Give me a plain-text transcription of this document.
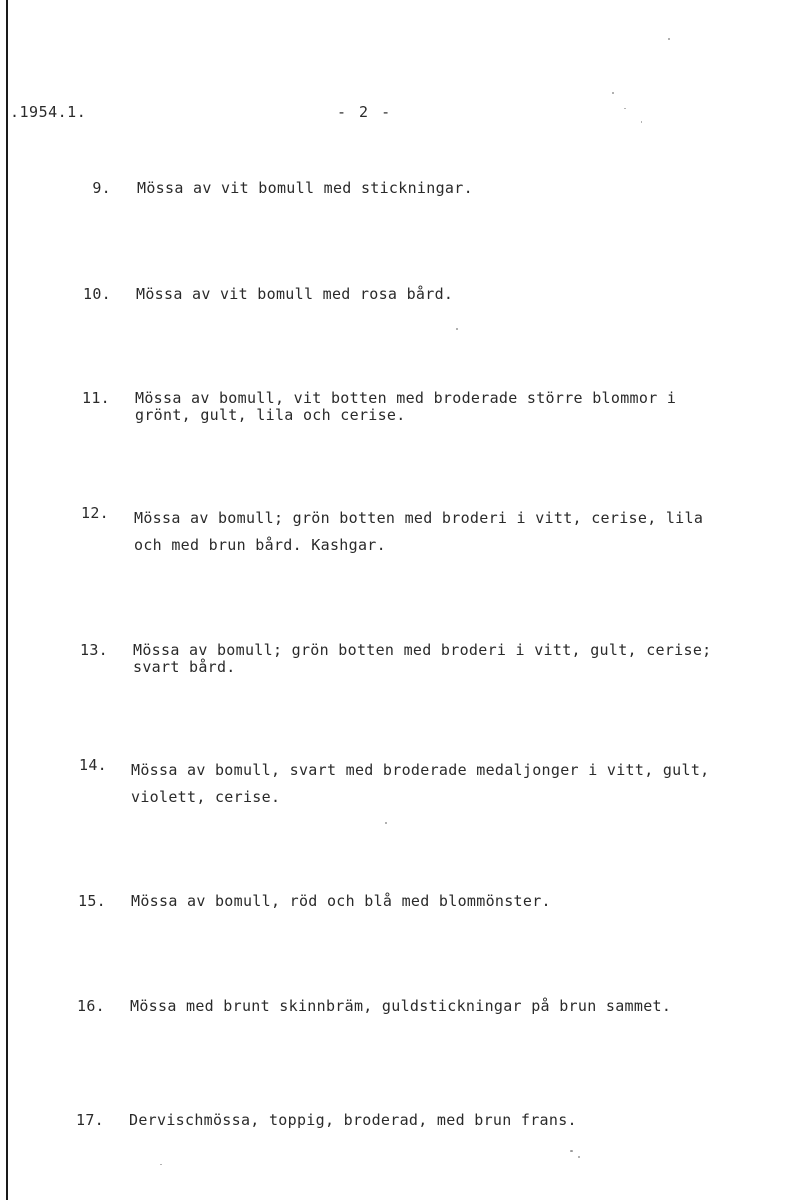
.1954.1.	- 2 -
9. Mössa av vit bomull med stickningar.
10. Mössa av vit bomull med rosa bård.
11. Mössa av bomull, vit botten med broderade större blommor i
grönt, gult, lila och cerise.
12. Mössa av bomull; grön botten med broderi i vitt, cerise, lila
och med brun bård. Kashgar.
13. Mössa av bomull; grön botten med broderi i vitt, gult, cerise;
svart bård.
14. Mössa av bomull, svart med broderade medaljonger i vitt, gult,
violett, cerise.
15. Mössa av bomull, röd och blå med blommönster.
16. Mössa med brunt skinnbräm, guldstickningar på brun sammet.
17. Dervischmössa, toppig, broderad, med brun frans.
